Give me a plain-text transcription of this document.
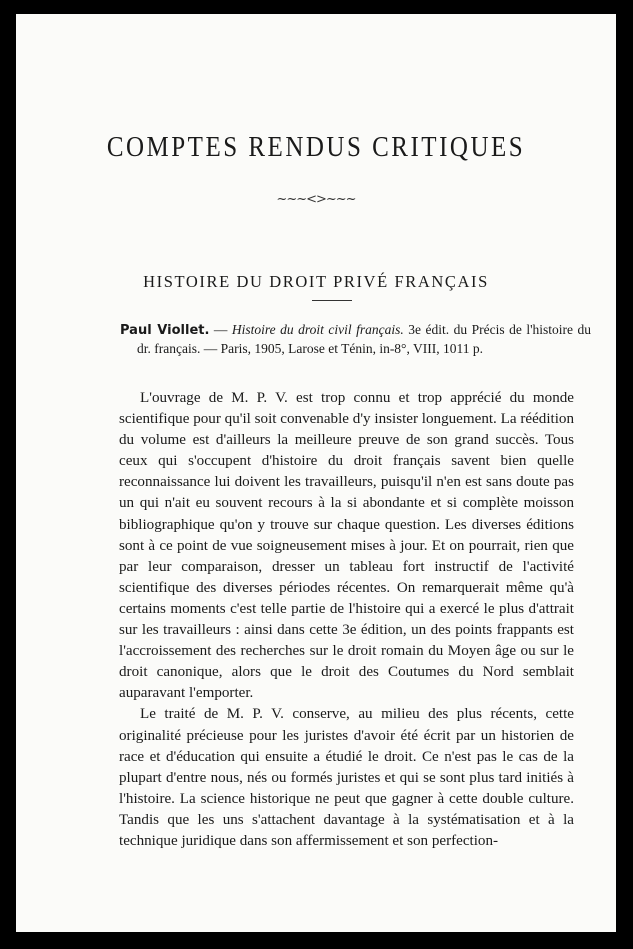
COMPTES RENDUS CRITIQUES
~~~<>~~~
HISTOIRE DU DROIT PRIVÉ FRANÇAIS
Paul Viollet. — Histoire du droit civil français. 3e édit. du Précis de l'histoire du dr. français. — Paris, 1905, Larose et Ténin, in-8°, VIII, 1011 p.

L'ouvrage de M. P. V. est trop connu et trop apprécié du monde scientifique pour qu'il soit convenable d'y insister longuement. La réédition du volume est d'ailleurs la meilleure preuve de son grand succès. Tous ceux qui s'occupent d'histoire du droit français savent bien quelle reconnaissance lui doivent les travailleurs, puisqu'il n'en est sans doute pas un qui n'ait eu souvent recours à la si abondante et si complète moisson bibliographique qu'on y trouve sur chaque question. Les diverses éditions sont à ce point de vue soigneusement mises à jour. Et on pourrait, rien que par leur comparaison, dresser un tableau fort instructif de l'activité scientifique des diverses périodes récentes. On remarquerait même qu'à certains moments c'est telle partie de l'histoire qui a exercé le plus d'attrait sur les travailleurs : ainsi dans cette 3e édition, un des points frappants est l'accroissement des recherches sur le droit romain du Moyen âge ou sur le droit canonique, alors que le droit des Coutumes du Nord semblait auparavant l'emporter.

Le traité de M. P. V. conserve, au milieu des plus récents, cette originalité précieuse pour les juristes d'avoir été écrit par un historien de race et d'éducation qui ensuite a étudié le droit. Ce n'est pas le cas de la plupart d'entre nous, nés ou formés juristes et qui se sont plus tard initiés à l'histoire. La science historique ne peut que gagner à cette double culture. Tandis que les uns s'attachent davantage à la systématisation et à la technique juridique dans son affermissement et son perfection-
